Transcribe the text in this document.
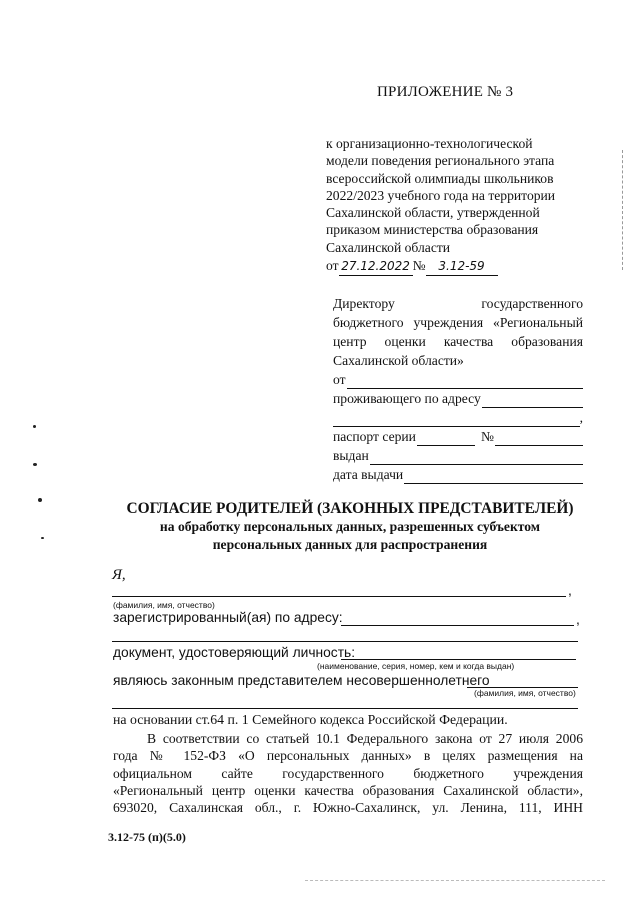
ПРИЛОЖЕНИЕ № 3
к организационно-технологической
модели поведения регионального этапа
всероссийской олимпиады школьников
2022/2023 учебного года на территории
Сахалинской области, утвержденной
приказом министерства образования
Сахалинской области
от 27.12.2022 № 3.12-59
Директору государственного
бюджетного учреждения «Региональный
центр оценки качества образования
Сахалинской области»
от
проживающего по адресу
,
паспорт серии	№
выдан
дата выдачи
СОГЛАСИЕ РОДИТЕЛЕЙ (ЗАКОННЫХ ПРЕДСТАВИТЕЛЕЙ)
на обработку персональных данных, разрешенных субъектом
персональных данных для распространения
Я,
,
(фамилия, имя, отчество)
зарегистрированный(ая) по адресу:	,
документ, удостоверяющий личность:
(наименование, серия, номер, кем и когда выдан)
являюсь законным представителем несовершеннолетнего
(фамилия, имя, отчество)
на основании ст.64 п. 1 Семейного кодекса Российской Федерации.
В соответствии со статьей 10.1 Федерального закона от 27 июля 2006
года № 152-ФЗ «О персональных данных» в целях размещения на
официальном сайте государственного бюджетного учреждения
«Региональный центр оценки качества образования Сахалинской области»,
693020, Сахалинская обл., г. Южно-Сахалинск, ул. Ленина, 111, ИНН
3.12-75 (п)(5.0)
